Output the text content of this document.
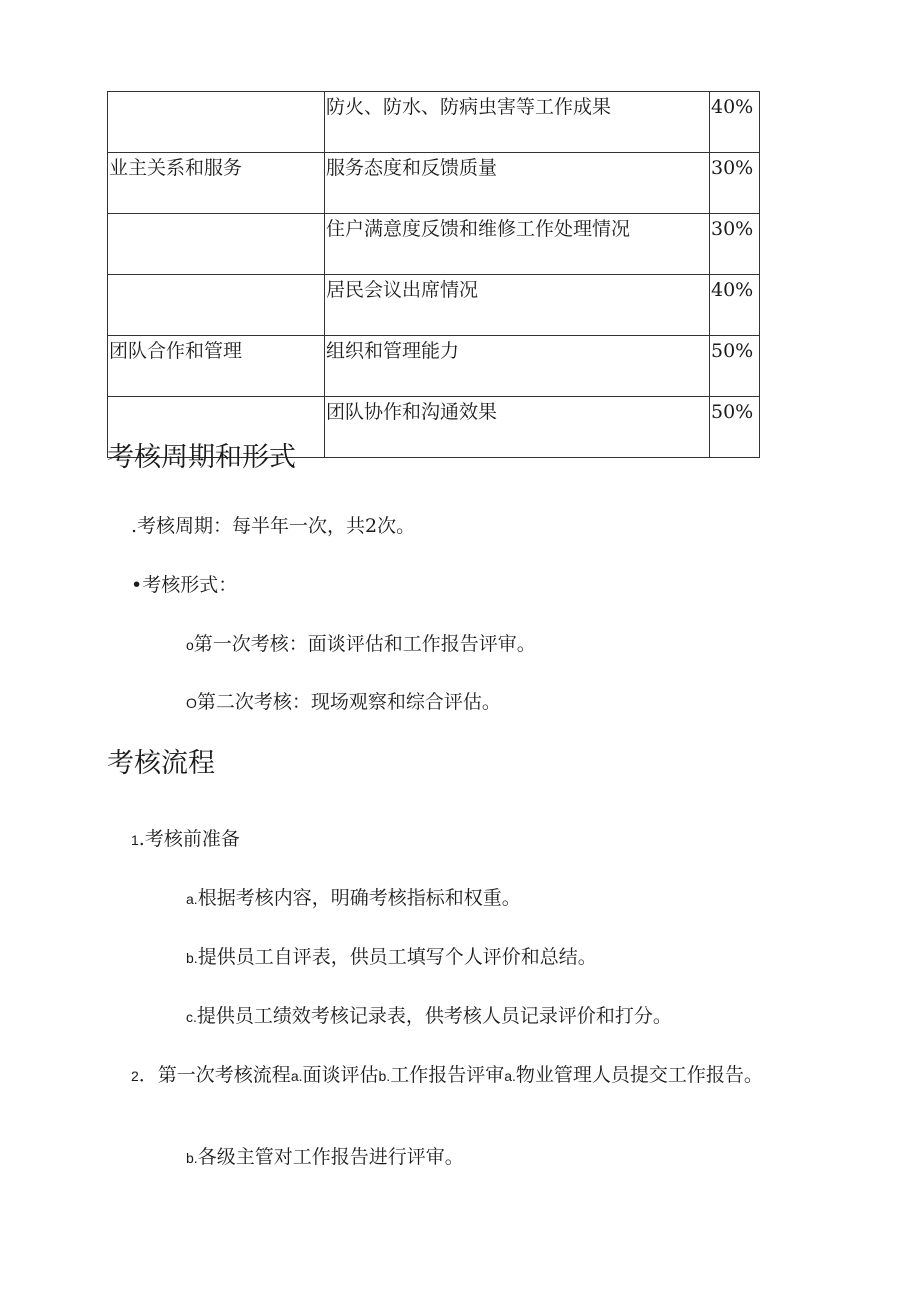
	防火、防水、防病虫害等工作成果	40%
业主关系和服务	服务态度和反馈质量	30%
	住户满意度反馈和维修工作处理情况	30%
	居民会议出席情况	40%
团队合作和管理	组织和管理能力	50%
	团队协作和沟通效果	50%
考核周期和形式

.考核周期：每半年一次，共2次。

•考核形式：

o第一次考核：面谈评估和工作报告评审。

O第二次考核：现场观察和综合评估。

考核流程

1.考核前准备

a.根据考核内容，明确考核指标和权重。

b.提供员工自评表，供员工填写个人评价和总结。

c.提供员工绩效考核记录表，供考核人员记录评价和打分。

2．第一次考核流程a.面谈评估b.工作报告评审a.物业管理人员提交工作报告。

b.各级主管对工作报告进行评审。
